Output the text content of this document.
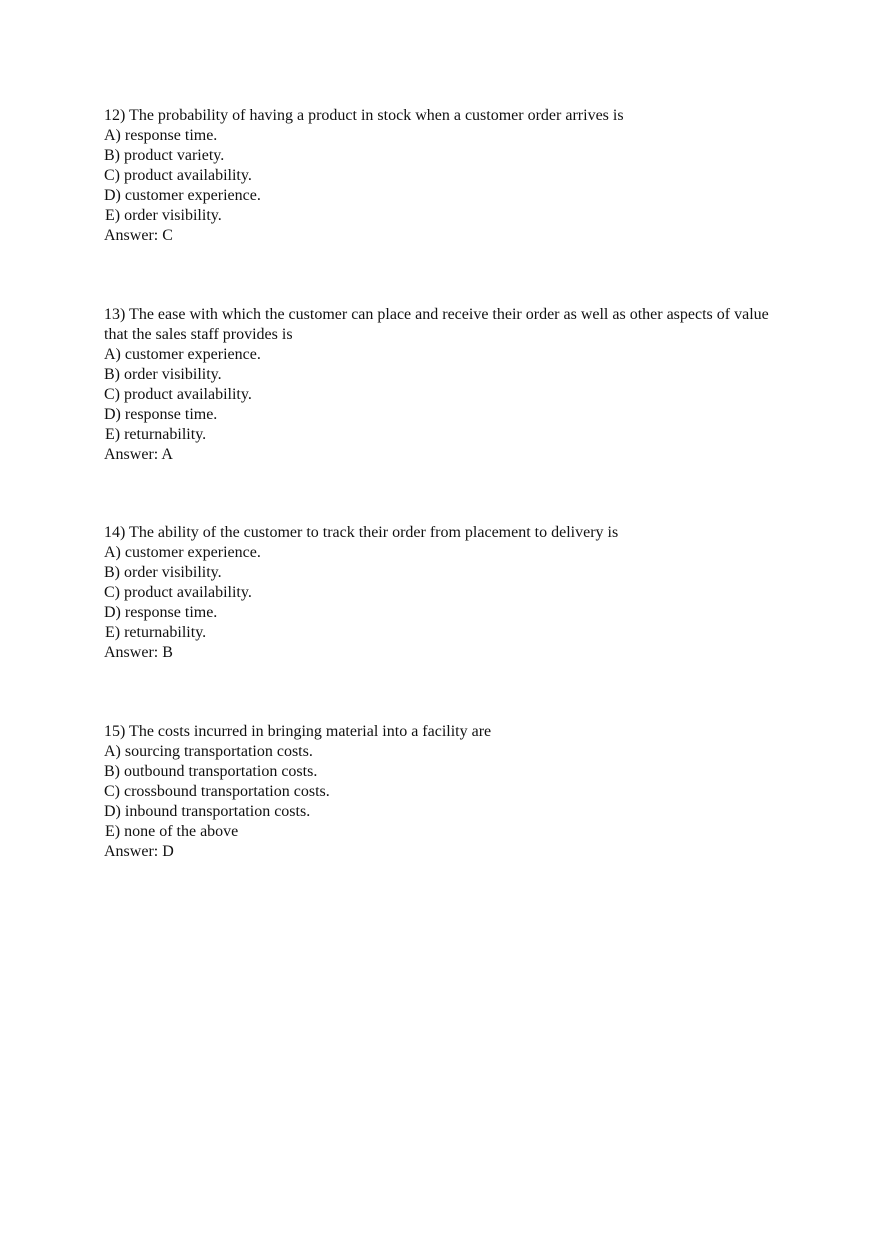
12) The probability of having a product in stock when a customer order arrives is
A) response time.
B) product variety.
C) product availability.
D) customer experience.
E) order visibility.
Answer: C
13) The ease with which the customer can place and receive their order as well as other aspects of value that the sales staff provides is
A) customer experience.
B) order visibility.
C) product availability.
D) response time.
E) returnability.
Answer: A
14) The ability of the customer to track their order from placement to delivery is
A) customer experience.
B) order visibility.
C) product availability.
D) response time.
E) returnability.
Answer: B
15) The costs incurred in bringing material into a facility are
A) sourcing transportation costs.
B) outbound transportation costs.
C) crossbound transportation costs.
D) inbound transportation costs.
E) none of the above
Answer: D
